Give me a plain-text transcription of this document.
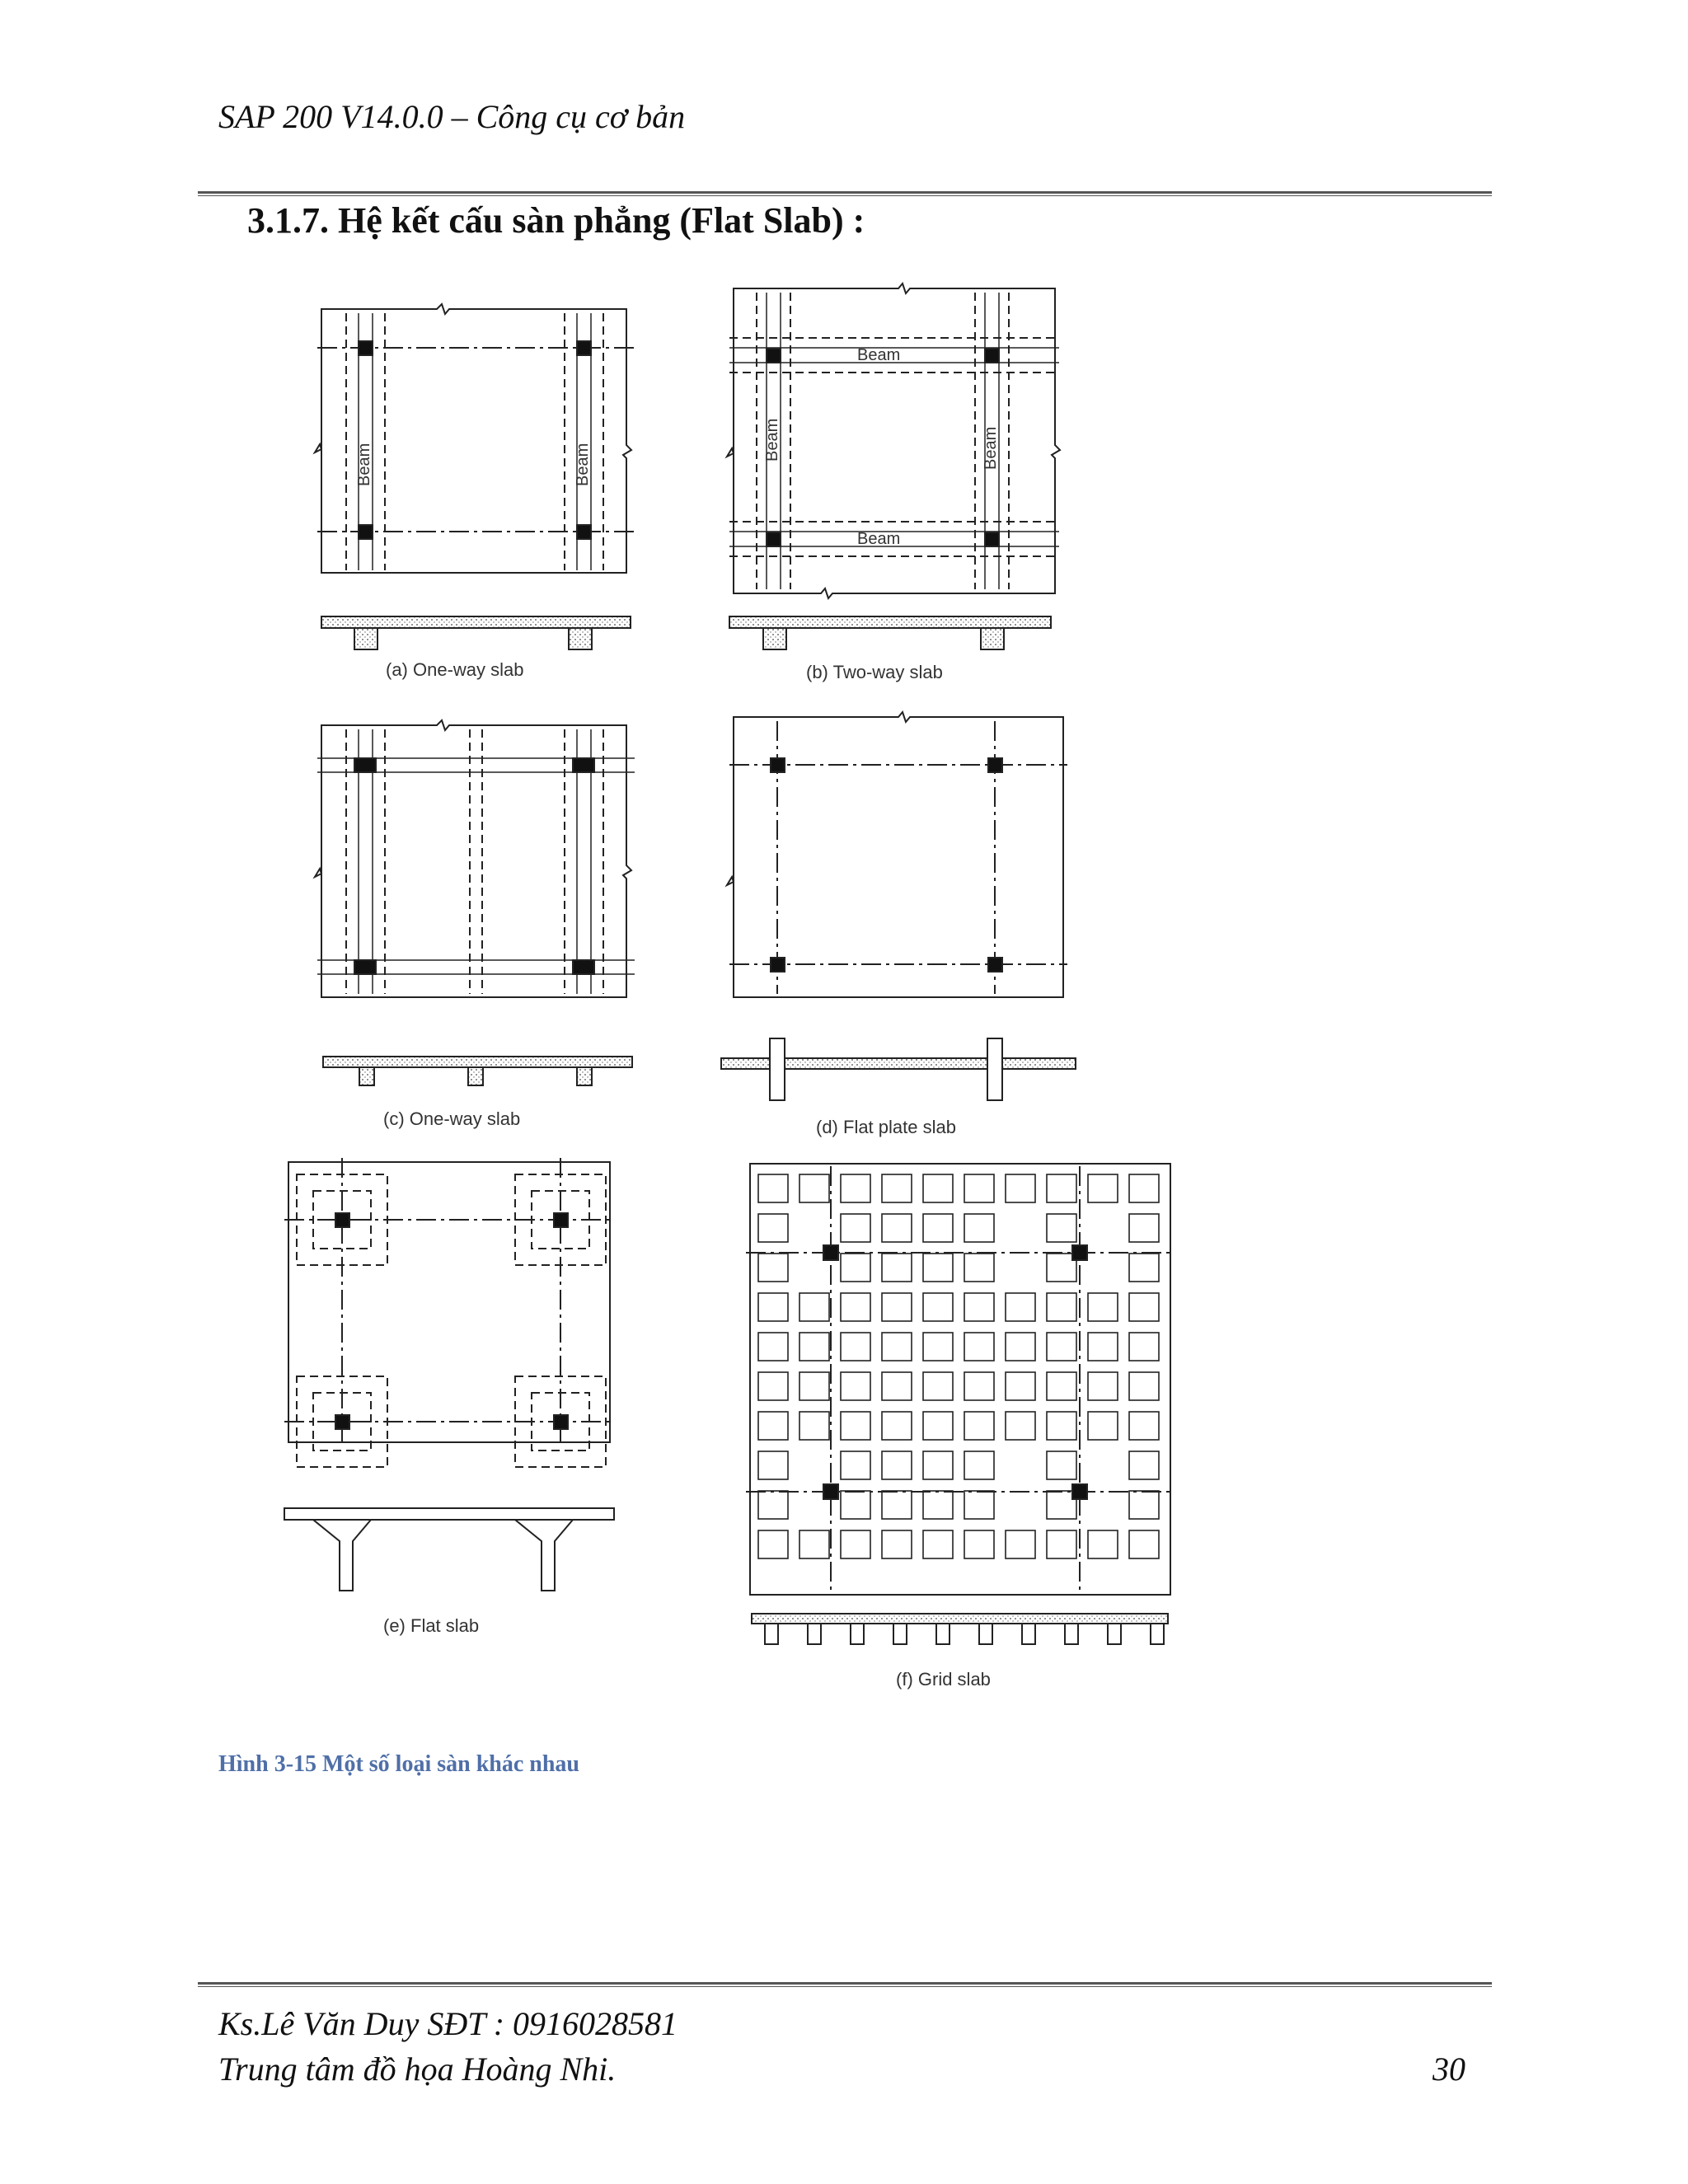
SAP 200 V14.0.0 – Công cụ cơ bản
3.1.7. Hệ kết cấu sàn phẳng (Flat Slab) :
Beam	Beam
(a) One-way slab
Beam
Beam
Beam	Beam
(b) Two-way slab
(c) One-way slab	(d) Flat plate slab
(e) Flat slab
(f) Grid slab
Hình 3-15 Một số loại sàn khác nhau
Ks.Lê Văn Duy SĐT : 0916028581
Trung tâm đồ họa Hoàng Nhi.	30
